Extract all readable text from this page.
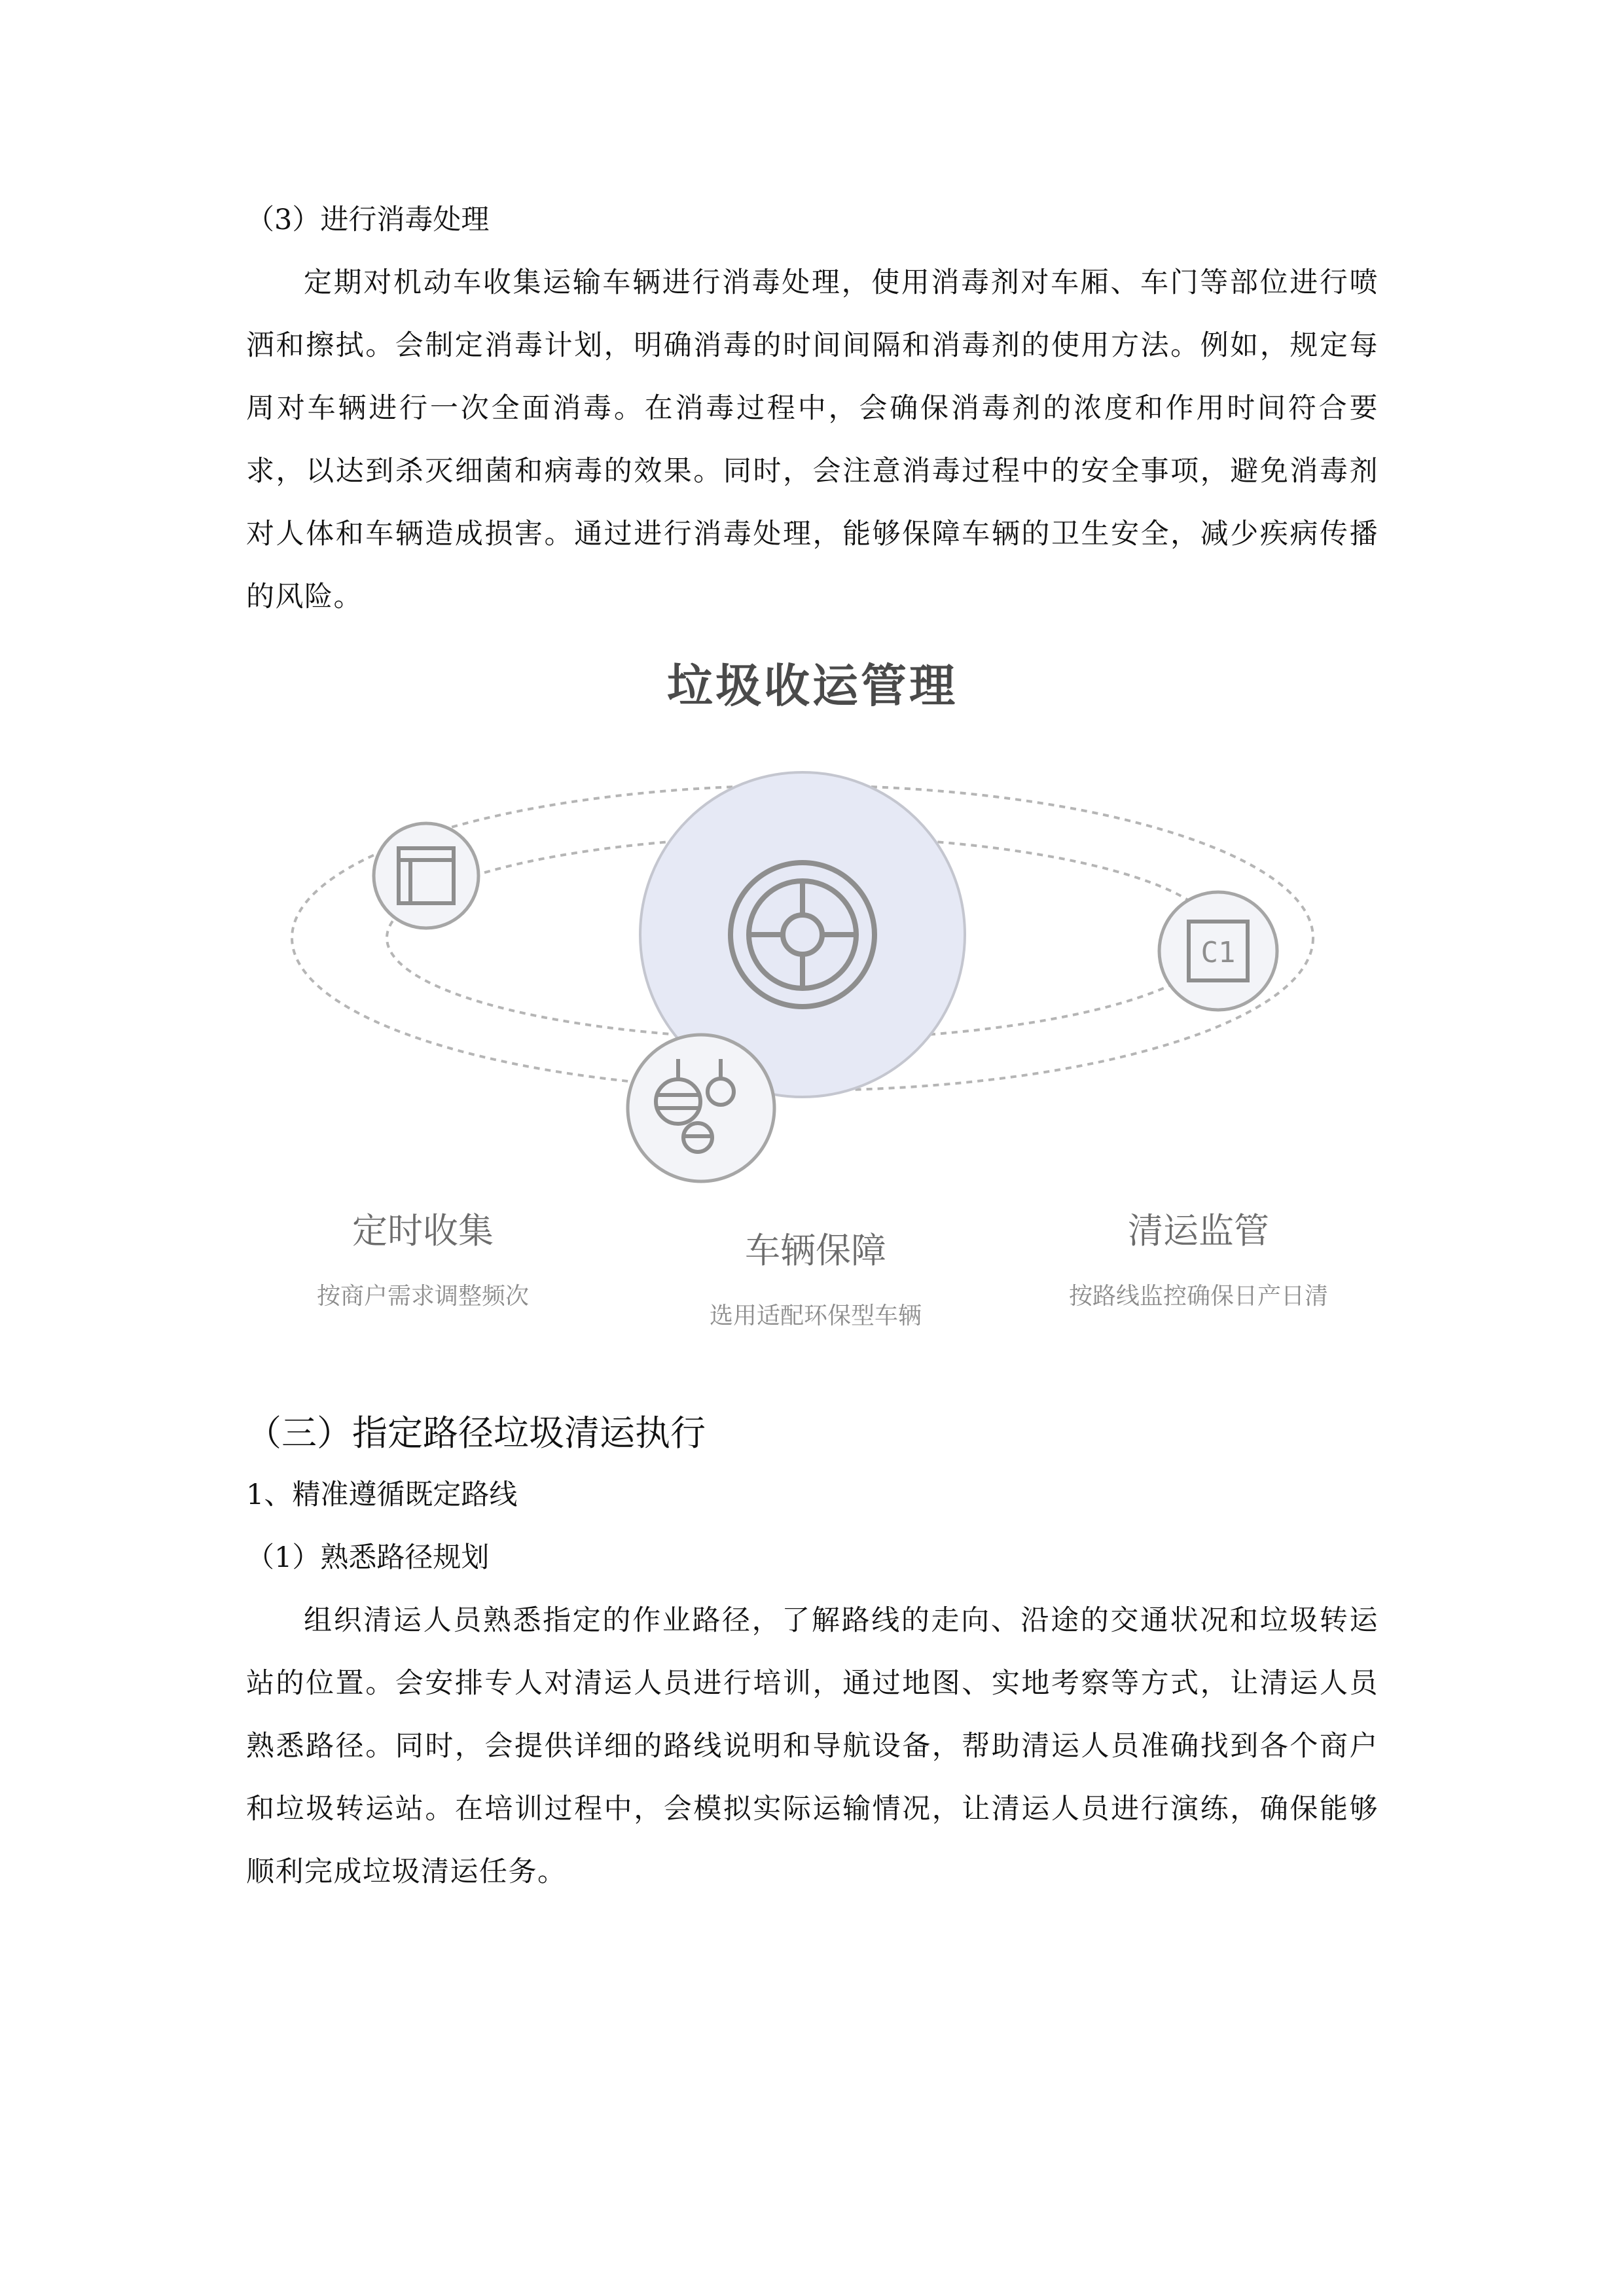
（3）进行消毒处理
定期对机动车收集运输车辆进行消毒处理，使用消毒剂对车厢、车门等部位进行喷洒和擦拭。会制定消毒计划，明确消毒的时间间隔和消毒剂的使用方法。例如，规定每周对车辆进行一次全面消毒。在消毒过程中，会确保消毒剂的浓度和作用时间符合要求，以达到杀灭细菌和病毒的效果。同时，会注意消毒过程中的安全事项，避免消毒剂对人体和车辆造成损害。通过进行消毒处理，能够保障车辆的卫生安全，减少疾病传播的风险。
C1
垃圾收运管理
定时收集
按商户需求调整频次
车辆保障
选用适配环保型车辆
清运监管
按路线监控确保日产日清
（三）指定路径垃圾清运执行
1、精准遵循既定路线
（1）熟悉路径规划
组织清运人员熟悉指定的作业路径，了解路线的走向、沿途的交通状况和垃圾转运站的位置。会安排专人对清运人员进行培训，通过地图、实地考察等方式，让清运人员熟悉路径。同时，会提供详细的路线说明和导航设备，帮助清运人员准确找到各个商户和垃圾转运站。在培训过程中，会模拟实际运输情况，让清运人员进行演练，确保能够顺利完成垃圾清运任务。
